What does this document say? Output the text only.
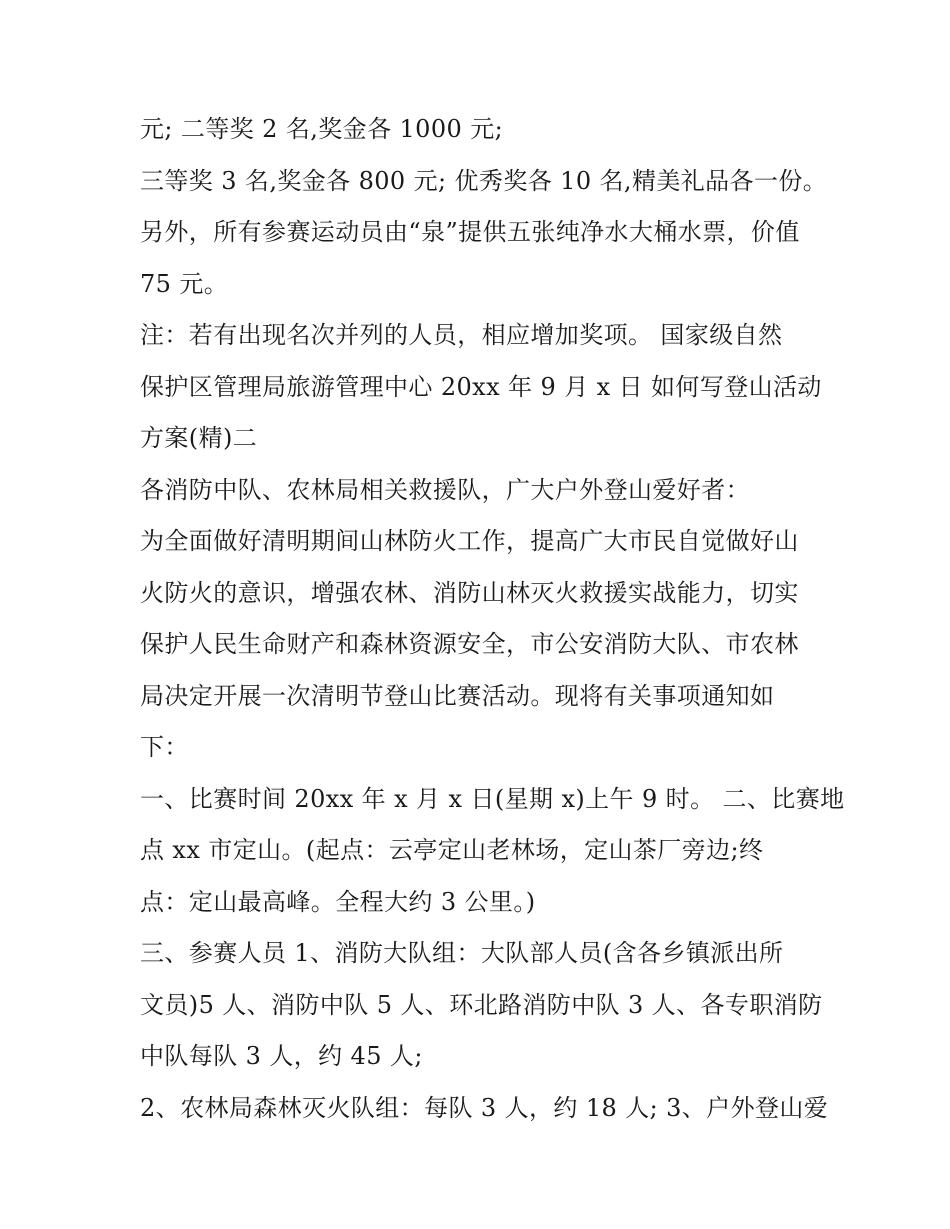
元; 二等奖 2 名,奖金各 1000 元;
三等奖 3 名,奖金各 800 元; 优秀奖各 10 名,精美礼品各一份。
另外，所有参赛运动员由“泉”提供五张纯净水大桶水票，价值
75 元。
注：若有出现名次并列的人员，相应增加奖项。 国家级自然
保护区管理局旅游管理中心 20xx 年 9 月 x 日 如何写登山活动
方案(精)二
各消防中队、农林局相关救援队，广大户外登山爱好者：
为全面做好清明期间山林防火工作，提高广大市民自觉做好山
火防火的意识，增强农林、消防山林灭火救援实战能力，切实
保护人民生命财产和森林资源安全，市公安消防大队、市农林
局决定开展一次清明节登山比赛活动。现将有关事项通知如
下：
一、比赛时间 20xx 年 x 月 x 日(星期 x)上午 9 时。 二、比赛地
点 xx 市定山。(起点：云亭定山老林场，定山茶厂旁边;终
点：定山最高峰。全程大约 3 公里。)
三、参赛人员 1、消防大队组：大队部人员(含各乡镇派出所
文员)5 人、消防中队 5 人、环北路消防中队 3 人、各专职消防
中队每队 3 人，约 45 人;
2、农林局森林灭火队组：每队 3 人，约 18 人; 3、户外登山爱
